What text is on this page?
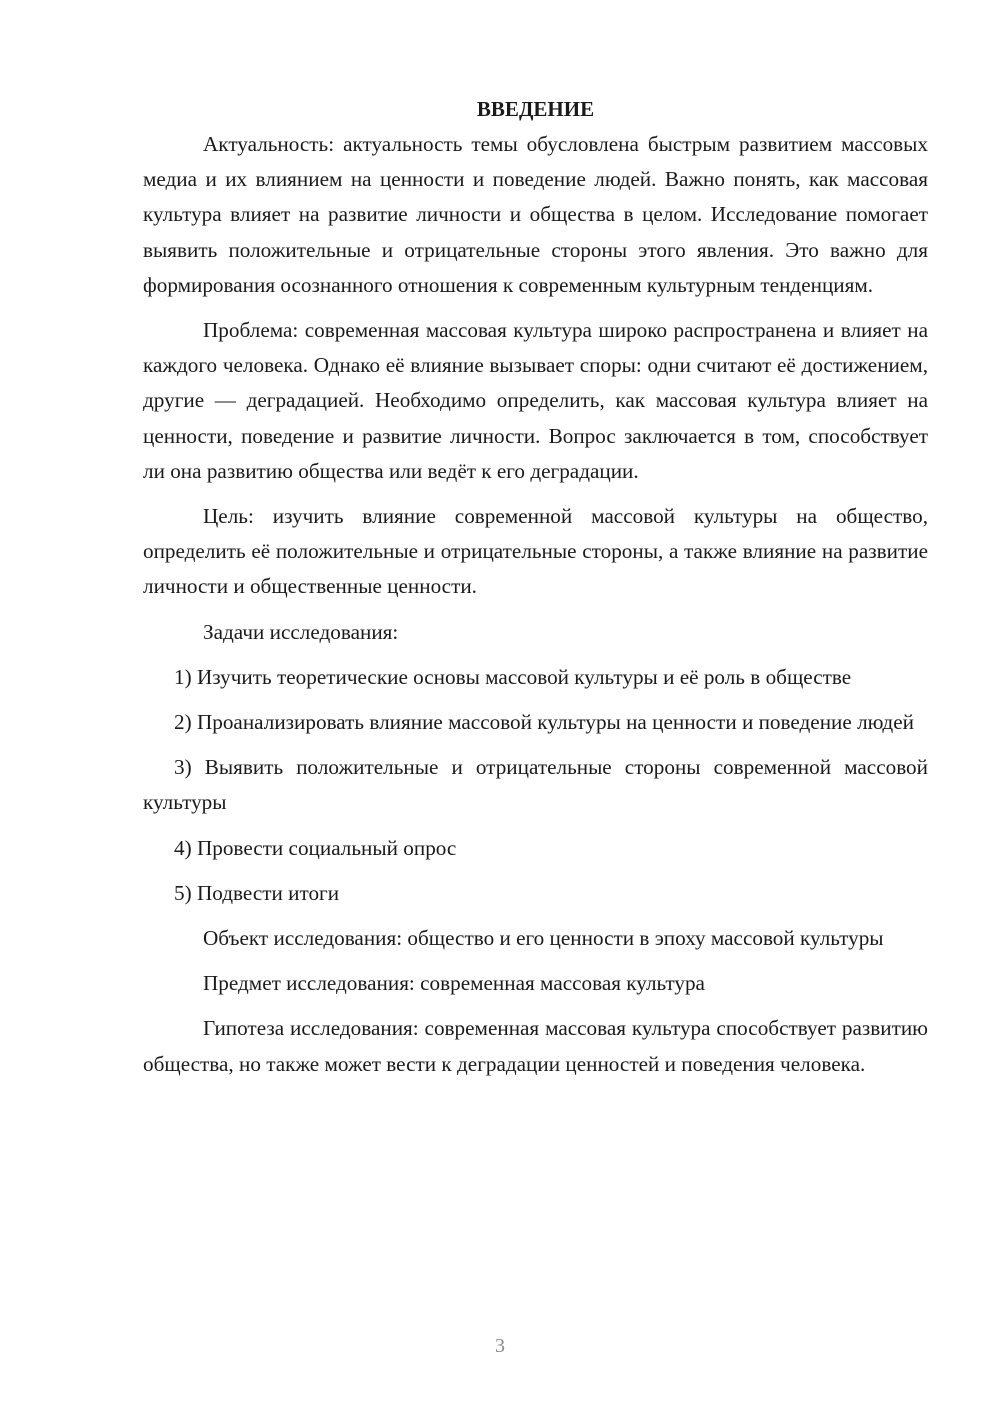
ВВЕДЕНИЕ

Актуальность: актуальность темы обусловлена быстрым развитием массовых медиа и их влиянием на ценности и поведение людей. Важно понять, как массовая культура влияет на развитие личности и общества в целом. Исследование помогает выявить положительные и отрицательные стороны этого явления. Это важно для формирования осознанного отношения к современным культурным тенденциям.

Проблема: современная массовая культура широко распространена и влияет на каждого человека. Однако её влияние вызывает споры: одни считают её достижением, другие — деградацией. Необходимо определить, как массовая культура влияет на ценности, поведение и развитие личности. Вопрос заключается в том, способствует ли она развитию общества или ведёт к его деградации.

Цель: изучить влияние современной массовой культуры на общество, определить её положительные и отрицательные стороны, а также влияние на развитие личности и общественные ценности.

Задачи исследования:

1) Изучить теоретические основы массовой культуры и её роль в обществе

2) Проанализировать влияние массовой культуры на ценности и поведение людей

3) Выявить положительные и отрицательные стороны современной массовой культуры

4) Провести социальный опрос

5) Подвести итоги

Объект исследования: общество и его ценности в эпоху массовой культуры

Предмет исследования: современная массовая культура

Гипотеза исследования: современная массовая культура способствует развитию общества, но также может вести к деградации ценностей и поведения человека.

3
